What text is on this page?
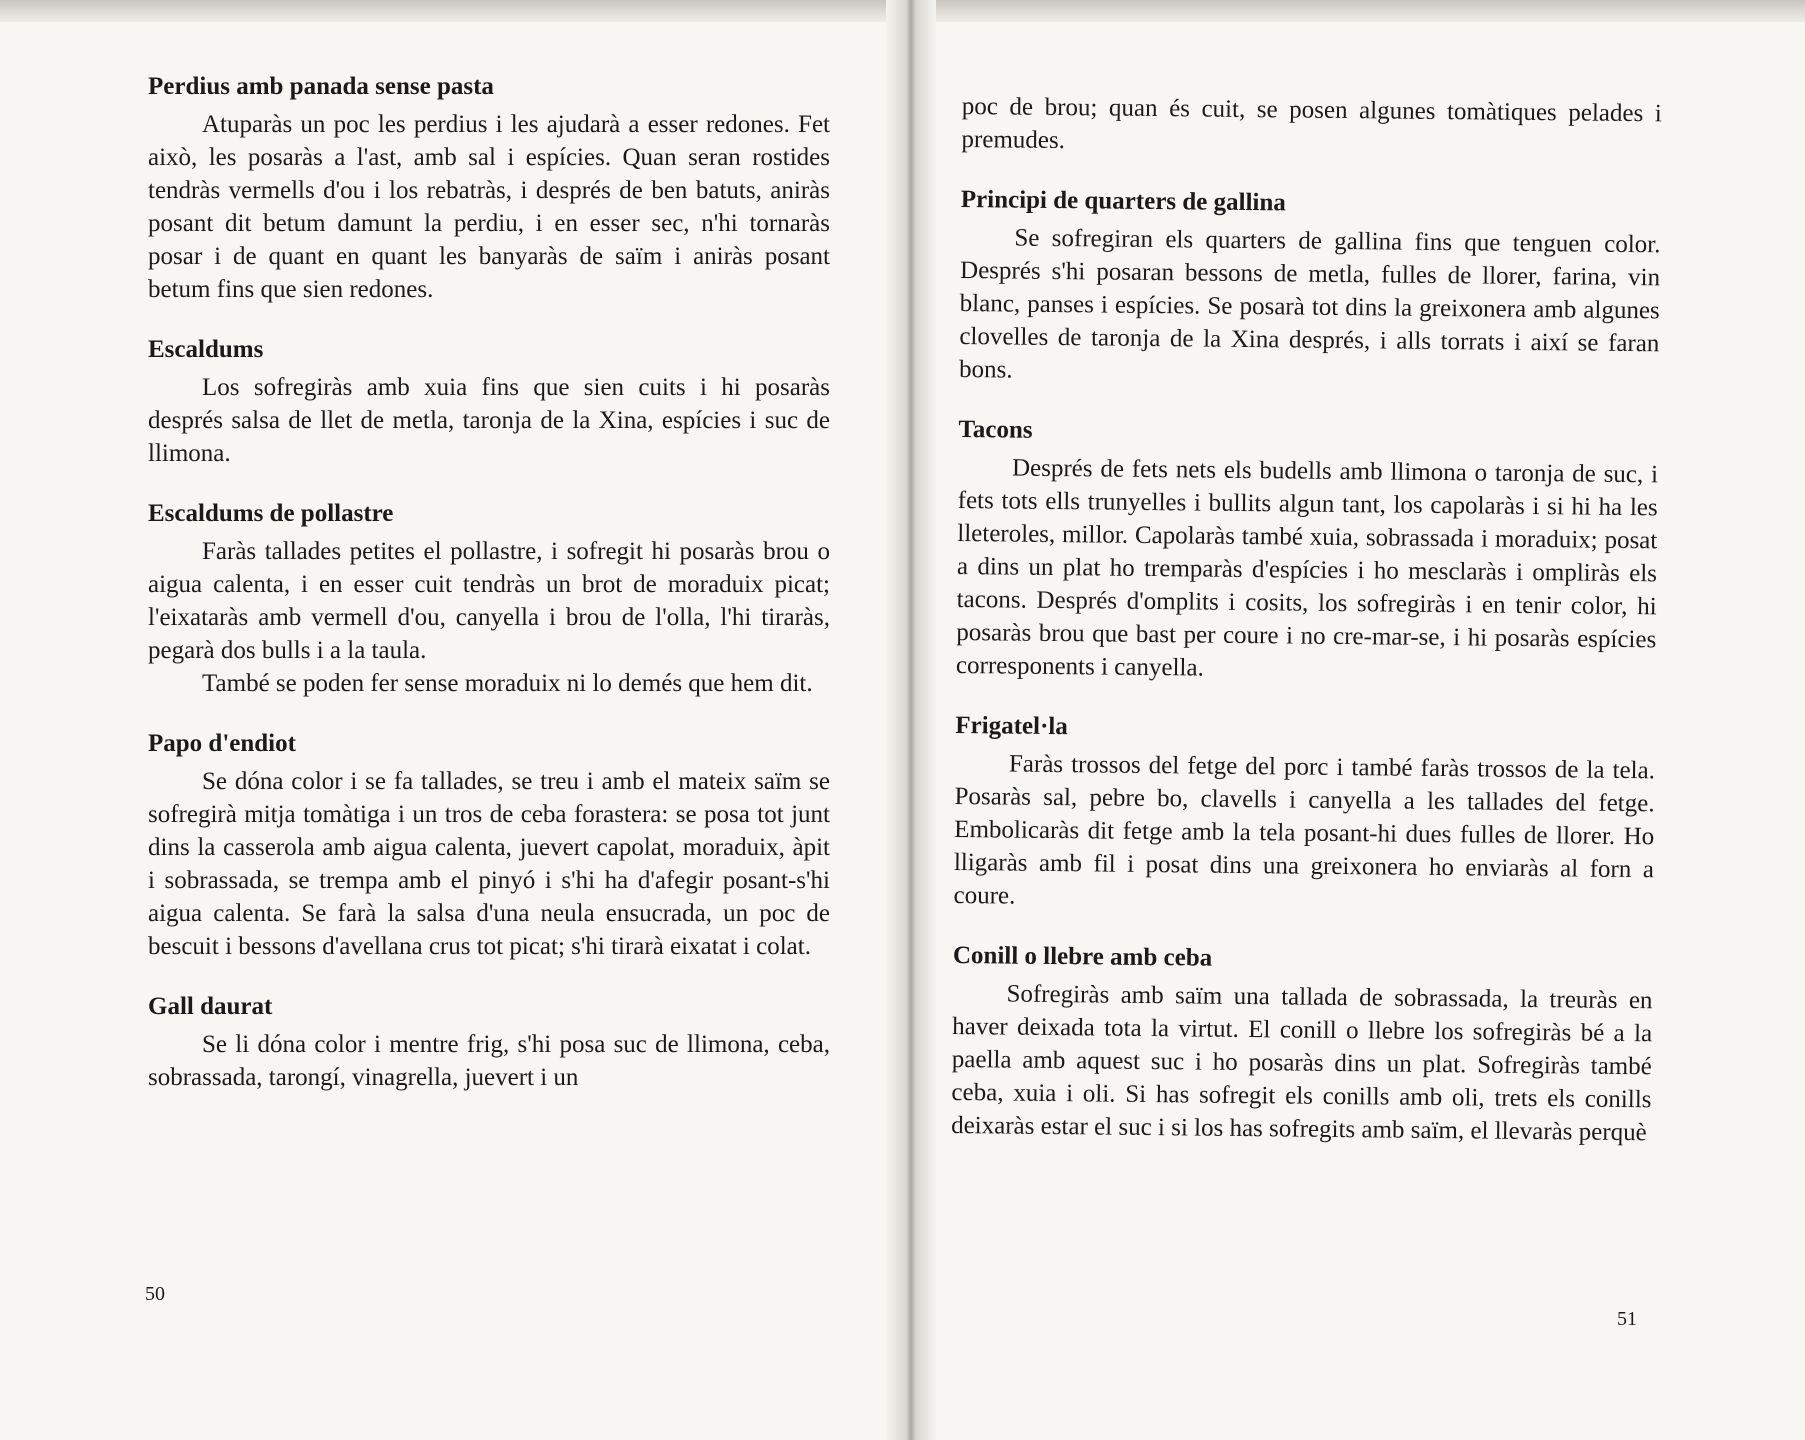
Perdius amb panada sense pasta

Atuparàs un poc les perdius i les ajudarà a esser redones. Fet això, les posaràs a l'ast, amb sal i espícies. Quan seran rostides tendràs vermells d'ou i los rebatràs, i després de ben batuts, aniràs posant dit betum damunt la perdiu, i en esser sec, n'hi tornaràs posar i de quant en quant les banyaràs de saïm i aniràs posant betum fins que sien redones.

Escaldums

Los sofregiràs amb xuia fins que sien cuits i hi posaràs després salsa de llet de metla, taronja de la Xina, espícies i suc de llimona.

Escaldums de pollastre

Faràs tallades petites el pollastre, i sofregit hi posaràs brou o aigua calenta, i en esser cuit tendràs un brot de moraduix picat; l'eixataràs amb vermell d'ou, canyella i brou de l'olla, l'hi tiraràs, pegarà dos bulls i a la taula.

També se poden fer sense moraduix ni lo demés que hem dit.

Papo d'endiot

Se dóna color i se fa tallades, se treu i amb el mateix saïm se sofregirà mitja tomàtiga i un tros de ceba forastera: se posa tot junt dins la casserola amb aigua calenta, juevert capolat, moraduix, àpit i sobrassada, se trempa amb el pinyó i s'hi ha d'afegir posant-s'hi aigua calenta. Se farà la salsa d'una neula ensucrada, un poc de bescuit i bessons d'avellana crus tot picat; s'hi tirarà eixatat i colat.

Gall daurat

Se li dóna color i mentre frig, s'hi posa suc de llimona, ceba, sobrassada, tarongí, vinagrella, juevert i un

50

poc de brou; quan és cuit, se posen algunes tomàtiques pelades i premudes.

Principi de quarters de gallina

Se sofregiran els quarters de gallina fins que tenguen color. Després s'hi posaran bessons de metla, fulles de llorer, farina, vin blanc, panses i espícies. Se posarà tot dins la greixonera amb algunes clovelles de taronja de la Xina després, i alls torrats i així se faran bons.

Tacons

Després de fets nets els budells amb llimona o taronja de suc, i fets tots ells trunyelles i bullits algun tant, los capolaràs i si hi ha les lleteroles, millor. Capolaràs també xuia, sobrassada i moraduix; posat a dins un plat ho tremparàs d'espícies i ho mesclaràs i ompliràs els tacons. Després d'omplits i cosits, los sofregiràs i en tenir color, hi posaràs brou que bast per coure i no cre-mar-se, i hi posaràs espícies corresponents i canyella.

Frigatel·la

Faràs trossos del fetge del porc i també faràs trossos de la tela. Posaràs sal, pebre bo, clavells i canyella a les tallades del fetge. Embolicaràs dit fetge amb la tela posant-hi dues fulles de llorer. Ho lligaràs amb fil i posat dins una greixonera ho enviaràs al forn a coure.

Conill o llebre amb ceba

Sofregiràs amb saïm una tallada de sobrassada, la treuràs en haver deixada tota la virtut. El conill o llebre los sofregiràs bé a la paella amb aquest suc i ho posaràs dins un plat. Sofregiràs també ceba, xuia i oli. Si has sofregit els conills amb oli, trets els conills deixaràs estar el suc i si los has sofregits amb saïm, el llevaràs perquè

51
